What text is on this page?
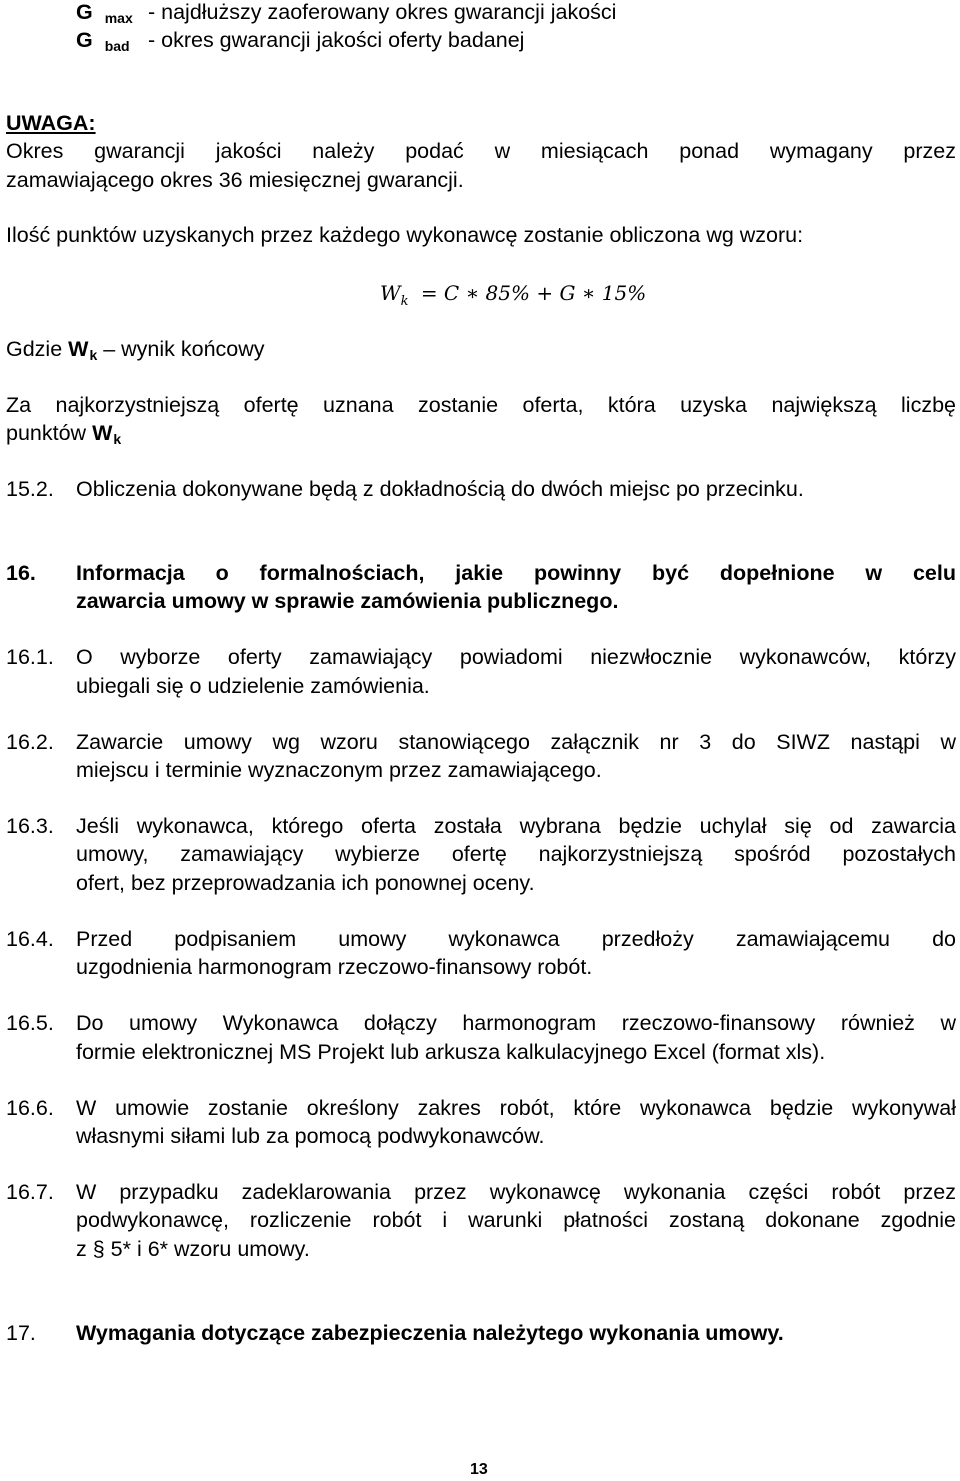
G $_{max}$ - najdłuższy zaoferowany okres gwarancji jakości
G $_{bad}$ - okres gwarancji jakości oferty badanej
UWAGA:
Okres gwarancji jakości należy podać w miesiącach ponad wymagany przez
zamawiającego okres 36 miesięcznej gwarancji.
Ilość punktów uzyskanych przez każdego wykonawcę zostanie obliczona wg wzoru:
$W_k = C$ ∗ 85% + G ∗ 15%
Gdzie $W_k$ – wynik końcowy
Za najkorzystniejszą ofertę uznana zostanie oferta, która uzyska największą liczbę
punktów $W_k$
15.2. Obliczenia dokonywane będą z dokładnością do dwóch miejsc po przecinku.
16. Informacja o formalnościach, jakie powinny być dopełnione w celu
zawarcia umowy w sprawie zamówienia publicznego.
16.1. O wyborze oferty zamawiający powiadomi niezwłocznie wykonawców, którzy
ubiegali się o udzielenie zamówienia.
16.2. Zawarcie umowy wg wzoru stanowiącego załącznik nr 3 do SIWZ nastąpi w
miejscu i terminie wyznaczonym przez zamawiającego.
16.3. Jeśli wykonawca, którego oferta została wybrana będzie uchylał się od zawarcia
umowy, zamawiający wybierze ofertę najkorzystniejszą spośród pozostałych
ofert, bez przeprowadzania ich ponownej oceny.
16.4. Przed podpisaniem umowy wykonawca przedłoży zamawiającemu do
uzgodnienia harmonogram rzeczowo-finansowy robót.
16.5. Do umowy Wykonawca dołączy harmonogram rzeczowo-finansowy również w
formie elektronicznej MS Projekt lub arkusza kalkulacyjnego Excel (format xls).
16.6. W umowie zostanie określony zakres robót, które wykonawca będzie wykonywał
własnymi siłami lub za pomocą podwykonawców.
16.7. W przypadku zadeklarowania przez wykonawcę wykonania części robót przez
podwykonawcę, rozliczenie robót i warunki płatności zostaną dokonane zgodnie
z § 5* i 6* wzoru umowy.
17. Wymagania dotyczące zabezpieczenia należytego wykonania umowy.
13
